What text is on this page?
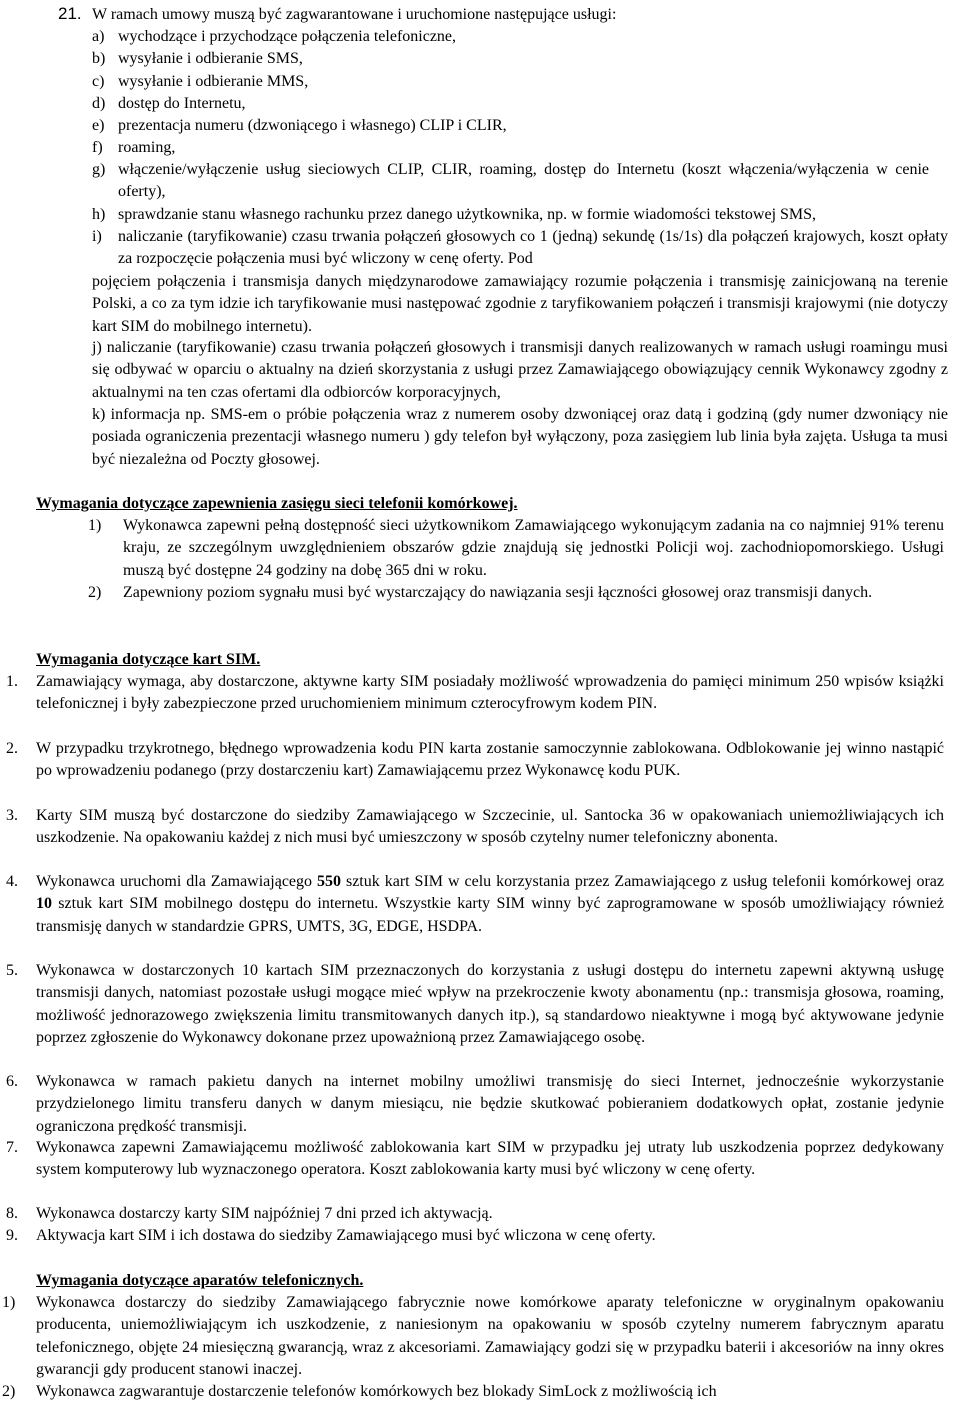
21. W ramach umowy muszą być zagwarantowane i uruchomione następujące usługi:
a) wychodzące i przychodzące połączenia telefoniczne,
b) wysyłanie i odbieranie SMS,
c) wysyłanie i odbieranie MMS,
d) dostęp do Internetu,
e) prezentacja numeru (dzwoniącego i własnego) CLIP i CLIR,
f) roaming,
g) włączenie/wyłączenie usług sieciowych CLIP, CLIR, roaming, dostęp do Internetu (koszt włączenia/wyłączenia w cenie oferty),
h) sprawdzanie stanu własnego rachunku przez danego użytkownika, np. w formie wiadomości tekstowej SMS,
i) naliczanie (taryfikowanie) czasu trwania połączeń głosowych co 1 (jedną) sekundę (1s/1s) dla połączeń krajowych, koszt opłaty za rozpoczęcie połączenia musi być wliczony w cenę oferty. Pod
pojęciem połączenia i transmisja danych międzynarodowe zamawiający rozumie połączenia i transmisję zainicjowaną na terenie Polski, a co za tym idzie ich taryfikowanie musi następować zgodnie z taryfikowaniem połączeń i transmisji krajowymi (nie dotyczy kart SIM do mobilnego internetu).
j) naliczanie (taryfikowanie) czasu trwania połączeń głosowych i transmisji danych realizowanych w ramach usługi roamingu musi się odbywać w oparciu o aktualny na dzień skorzystania z usługi przez Zamawiającego obowiązujący cennik Wykonawcy zgodny z aktualnymi na ten czas ofertami dla odbiorców korporacyjnych,
k) informacja np. SMS-em o próbie połączenia wraz z numerem osoby dzwoniącej oraz datą i godziną (gdy numer dzwoniący nie posiada ograniczenia prezentacji własnego numeru ) gdy telefon był wyłączony, poza zasięgiem lub linia była zajęta. Usługa ta musi być niezależna od Poczty głosowej.
Wymagania dotyczące zapewnienia zasięgu sieci telefonii komórkowej.
1) Wykonawca zapewni pełną dostępność sieci użytkownikom Zamawiającego wykonującym zadania na co najmniej 91% terenu kraju, ze szczególnym uwzględnieniem obszarów gdzie znajdują się jednostki Policji woj. zachodniopomorskiego. Usługi muszą być dostępne 24 godziny na dobę 365 dni w roku.
2) Zapewniony poziom sygnału musi być wystarczający do nawiązania sesji łączności głosowej oraz transmisji danych.
Wymagania dotyczące kart SIM.
1. Zamawiający wymaga, aby dostarczone, aktywne karty SIM posiadały możliwość wprowadzenia do pamięci minimum 250 wpisów książki telefonicznej i były zabezpieczone przed uruchomieniem minimum czterocyfrowym kodem PIN.
2. W przypadku trzykrotnego, błędnego wprowadzenia kodu PIN karta zostanie samoczynnie zablokowana. Odblokowanie jej winno nastąpić po wprowadzeniu podanego (przy dostarczeniu kart) Zamawiającemu przez Wykonawcę kodu PUK.
3. Karty SIM muszą być dostarczone do siedziby Zamawiającego w Szczecinie, ul. Santocka 36 w opakowaniach uniemożliwiających ich uszkodzenie. Na opakowaniu każdej z nich musi być umieszczony w sposób czytelny numer telefoniczny abonenta.
4. Wykonawca uruchomi dla Zamawiającego 550 sztuk kart SIM w celu korzystania przez Zamawiającego z usług telefonii komórkowej oraz 10 sztuk kart SIM mobilnego dostępu do internetu. Wszystkie karty SIM winny być zaprogramowane w sposób umożliwiający również transmisję danych w standardzie GPRS, UMTS, 3G, EDGE, HSDPA.
5. Wykonawca w dostarczonych 10 kartach SIM przeznaczonych do korzystania z usługi dostępu do internetu zapewni aktywną usługę transmisji danych, natomiast pozostałe usługi mogące mieć wpływ na przekroczenie kwoty abonamentu (np.: transmisja głosowa, roaming, możliwość jednorazowego zwiększenia limitu transmitowanych danych itp.), są standardowo nieaktywne i mogą być aktywowane jedynie poprzez zgłoszenie do Wykonawcy dokonane przez upoważnioną przez Zamawiającego osobę.
6. Wykonawca w ramach pakietu danych na internet mobilny umożliwi transmisję do sieci Internet, jednocześnie wykorzystanie przydzielonego limitu transferu danych w danym miesiącu, nie będzie skutkować pobieraniem dodatkowych opłat, zostanie jedynie ograniczona prędkość transmisji.
7. Wykonawca zapewni Zamawiającemu możliwość zablokowania kart SIM w przypadku jej utraty lub uszkodzenia poprzez dedykowany system komputerowy lub wyznaczonego operatora. Koszt zablokowania karty musi być wliczony w cenę oferty.
8. Wykonawca dostarczy karty SIM najpóźniej 7 dni przed ich aktywacją.
9. Aktywacja kart SIM i ich dostawa do siedziby Zamawiającego musi być wliczona w cenę oferty.
Wymagania dotyczące aparatów telefonicznych.
1) Wykonawca dostarczy do siedziby Zamawiającego fabrycznie nowe komórkowe aparaty telefoniczne w oryginalnym opakowaniu producenta, uniemożliwiającym ich uszkodzenie, z naniesionym na opakowaniu w sposób czytelny numerem fabrycznym aparatu telefonicznego, objęte 24 miesięczną gwarancją, wraz z akcesoriami. Zamawiający godzi się w przypadku baterii i akcesoriów na inny okres gwarancji gdy producent stanowi inaczej.
2) Wykonawca zagwarantuje dostarczenie telefonów komórkowych bez blokady SimLock z możliwością ich
